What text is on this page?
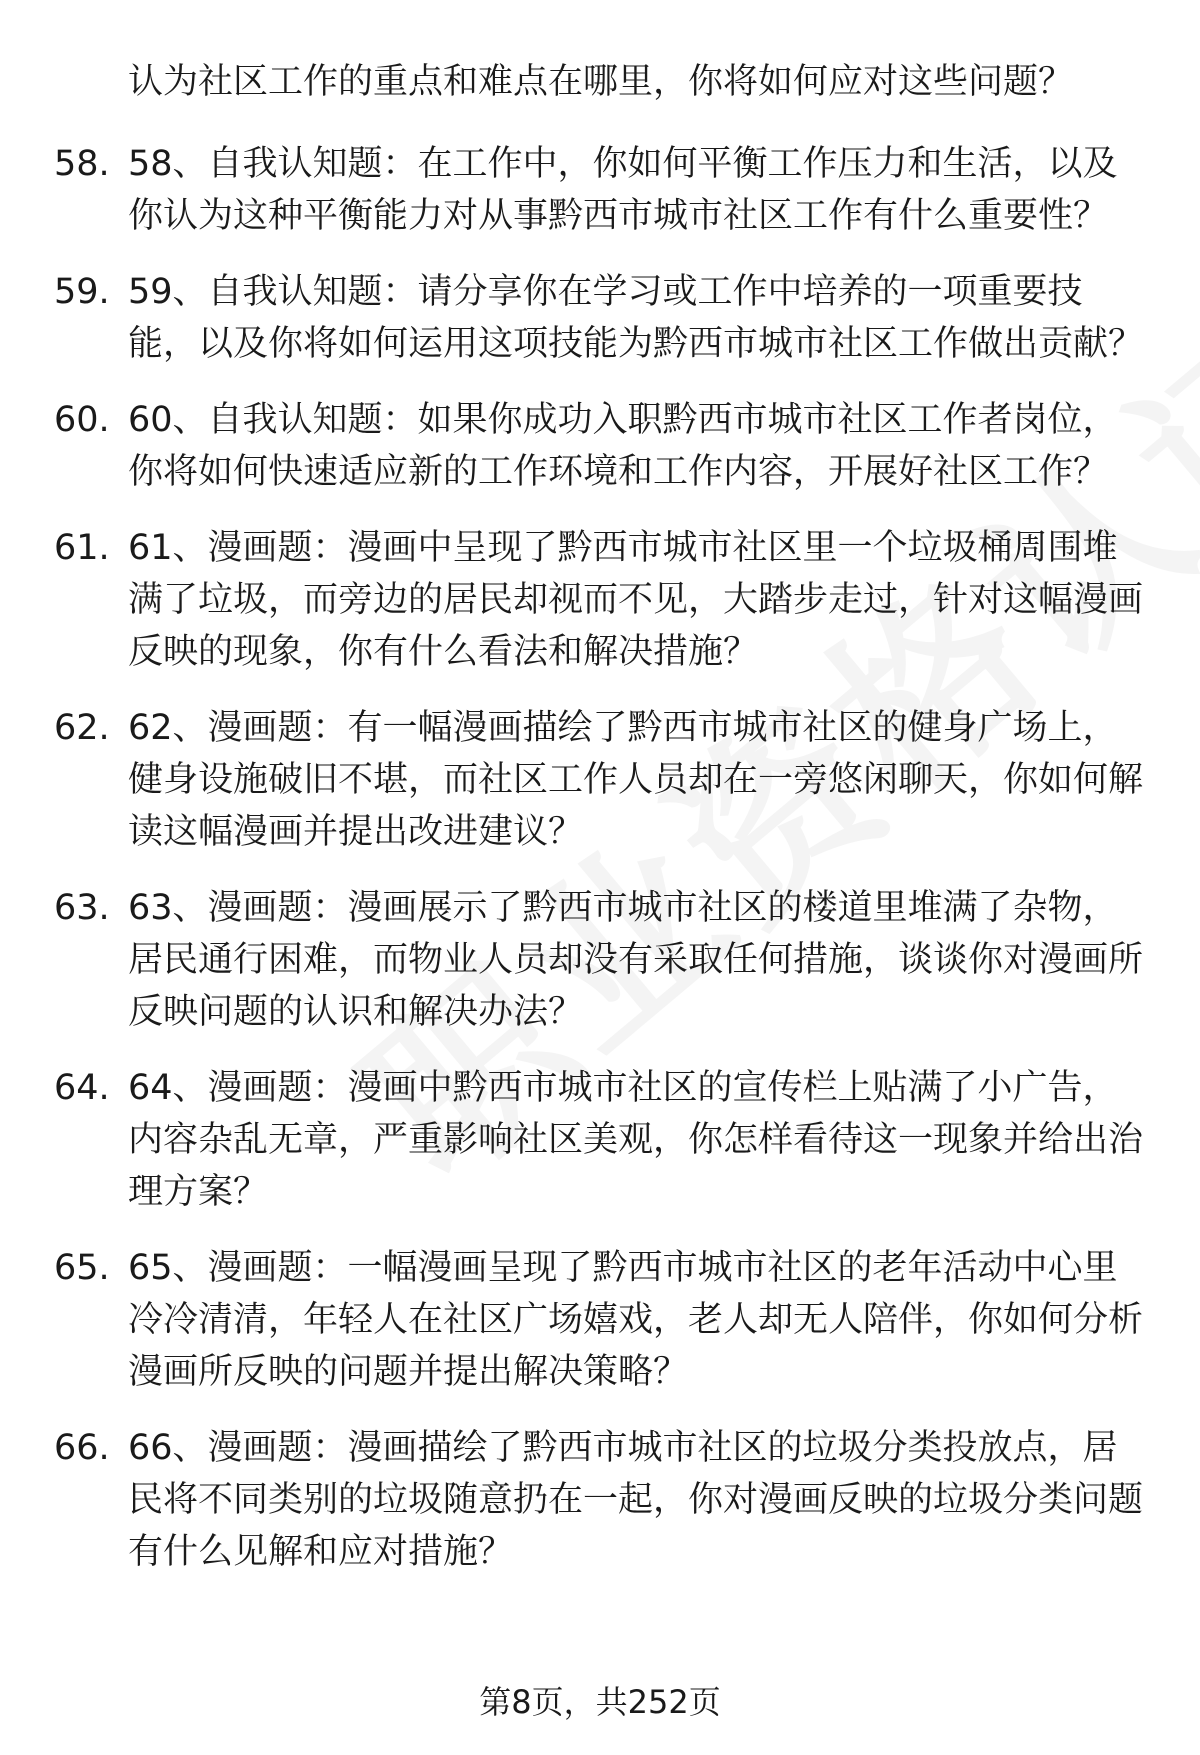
认为社区工作的重点和难点在哪里，你将如何应对这些问题？
58. 58、自我认知题：在工作中，你如何平衡工作压力和生活，以及你认为这种平衡能力对从事黔西市城市社区工作有什么重要性？
59. 59、自我认知题：请分享你在学习或工作中培养的一项重要技能，以及你将如何运用这项技能为黔西市城市社区工作做出贡献？
60. 60、自我认知题：如果你成功入职黔西市城市社区工作者岗位，你将如何快速适应新的工作环境和工作内容，开展好社区工作？
61. 61、漫画题：漫画中呈现了黔西市城市社区里一个垃圾桶周围堆满了垃圾，而旁边的居民却视而不见，大踏步走过，针对这幅漫画反映的现象，你有什么看法和解决措施？
62. 62、漫画题：有一幅漫画描绘了黔西市城市社区的健身广场上，健身设施破旧不堪，而社区工作人员却在一旁悠闲聊天，你如何解读这幅漫画并提出改进建议？
63. 63、漫画题：漫画展示了黔西市城市社区的楼道里堆满了杂物，居民通行困难，而物业人员却没有采取任何措施，谈谈你对漫画所反映问题的认识和解决办法？
64. 64、漫画题：漫画中黔西市城市社区的宣传栏上贴满了小广告，内容杂乱无章，严重影响社区美观，你怎样看待这一现象并给出治理方案？
65. 65、漫画题：一幅漫画呈现了黔西市城市社区的老年活动中心里冷冷清清，年轻人在社区广场嬉戏，老人却无人陪伴，你如何分析漫画所反映的问题并提出解决策略？
66. 66、漫画题：漫画描绘了黔西市城市社区的垃圾分类投放点，居民将不同类别的垃圾随意扔在一起，你对漫画反映的垃圾分类问题有什么见解和应对措施？
第8页，共252页
